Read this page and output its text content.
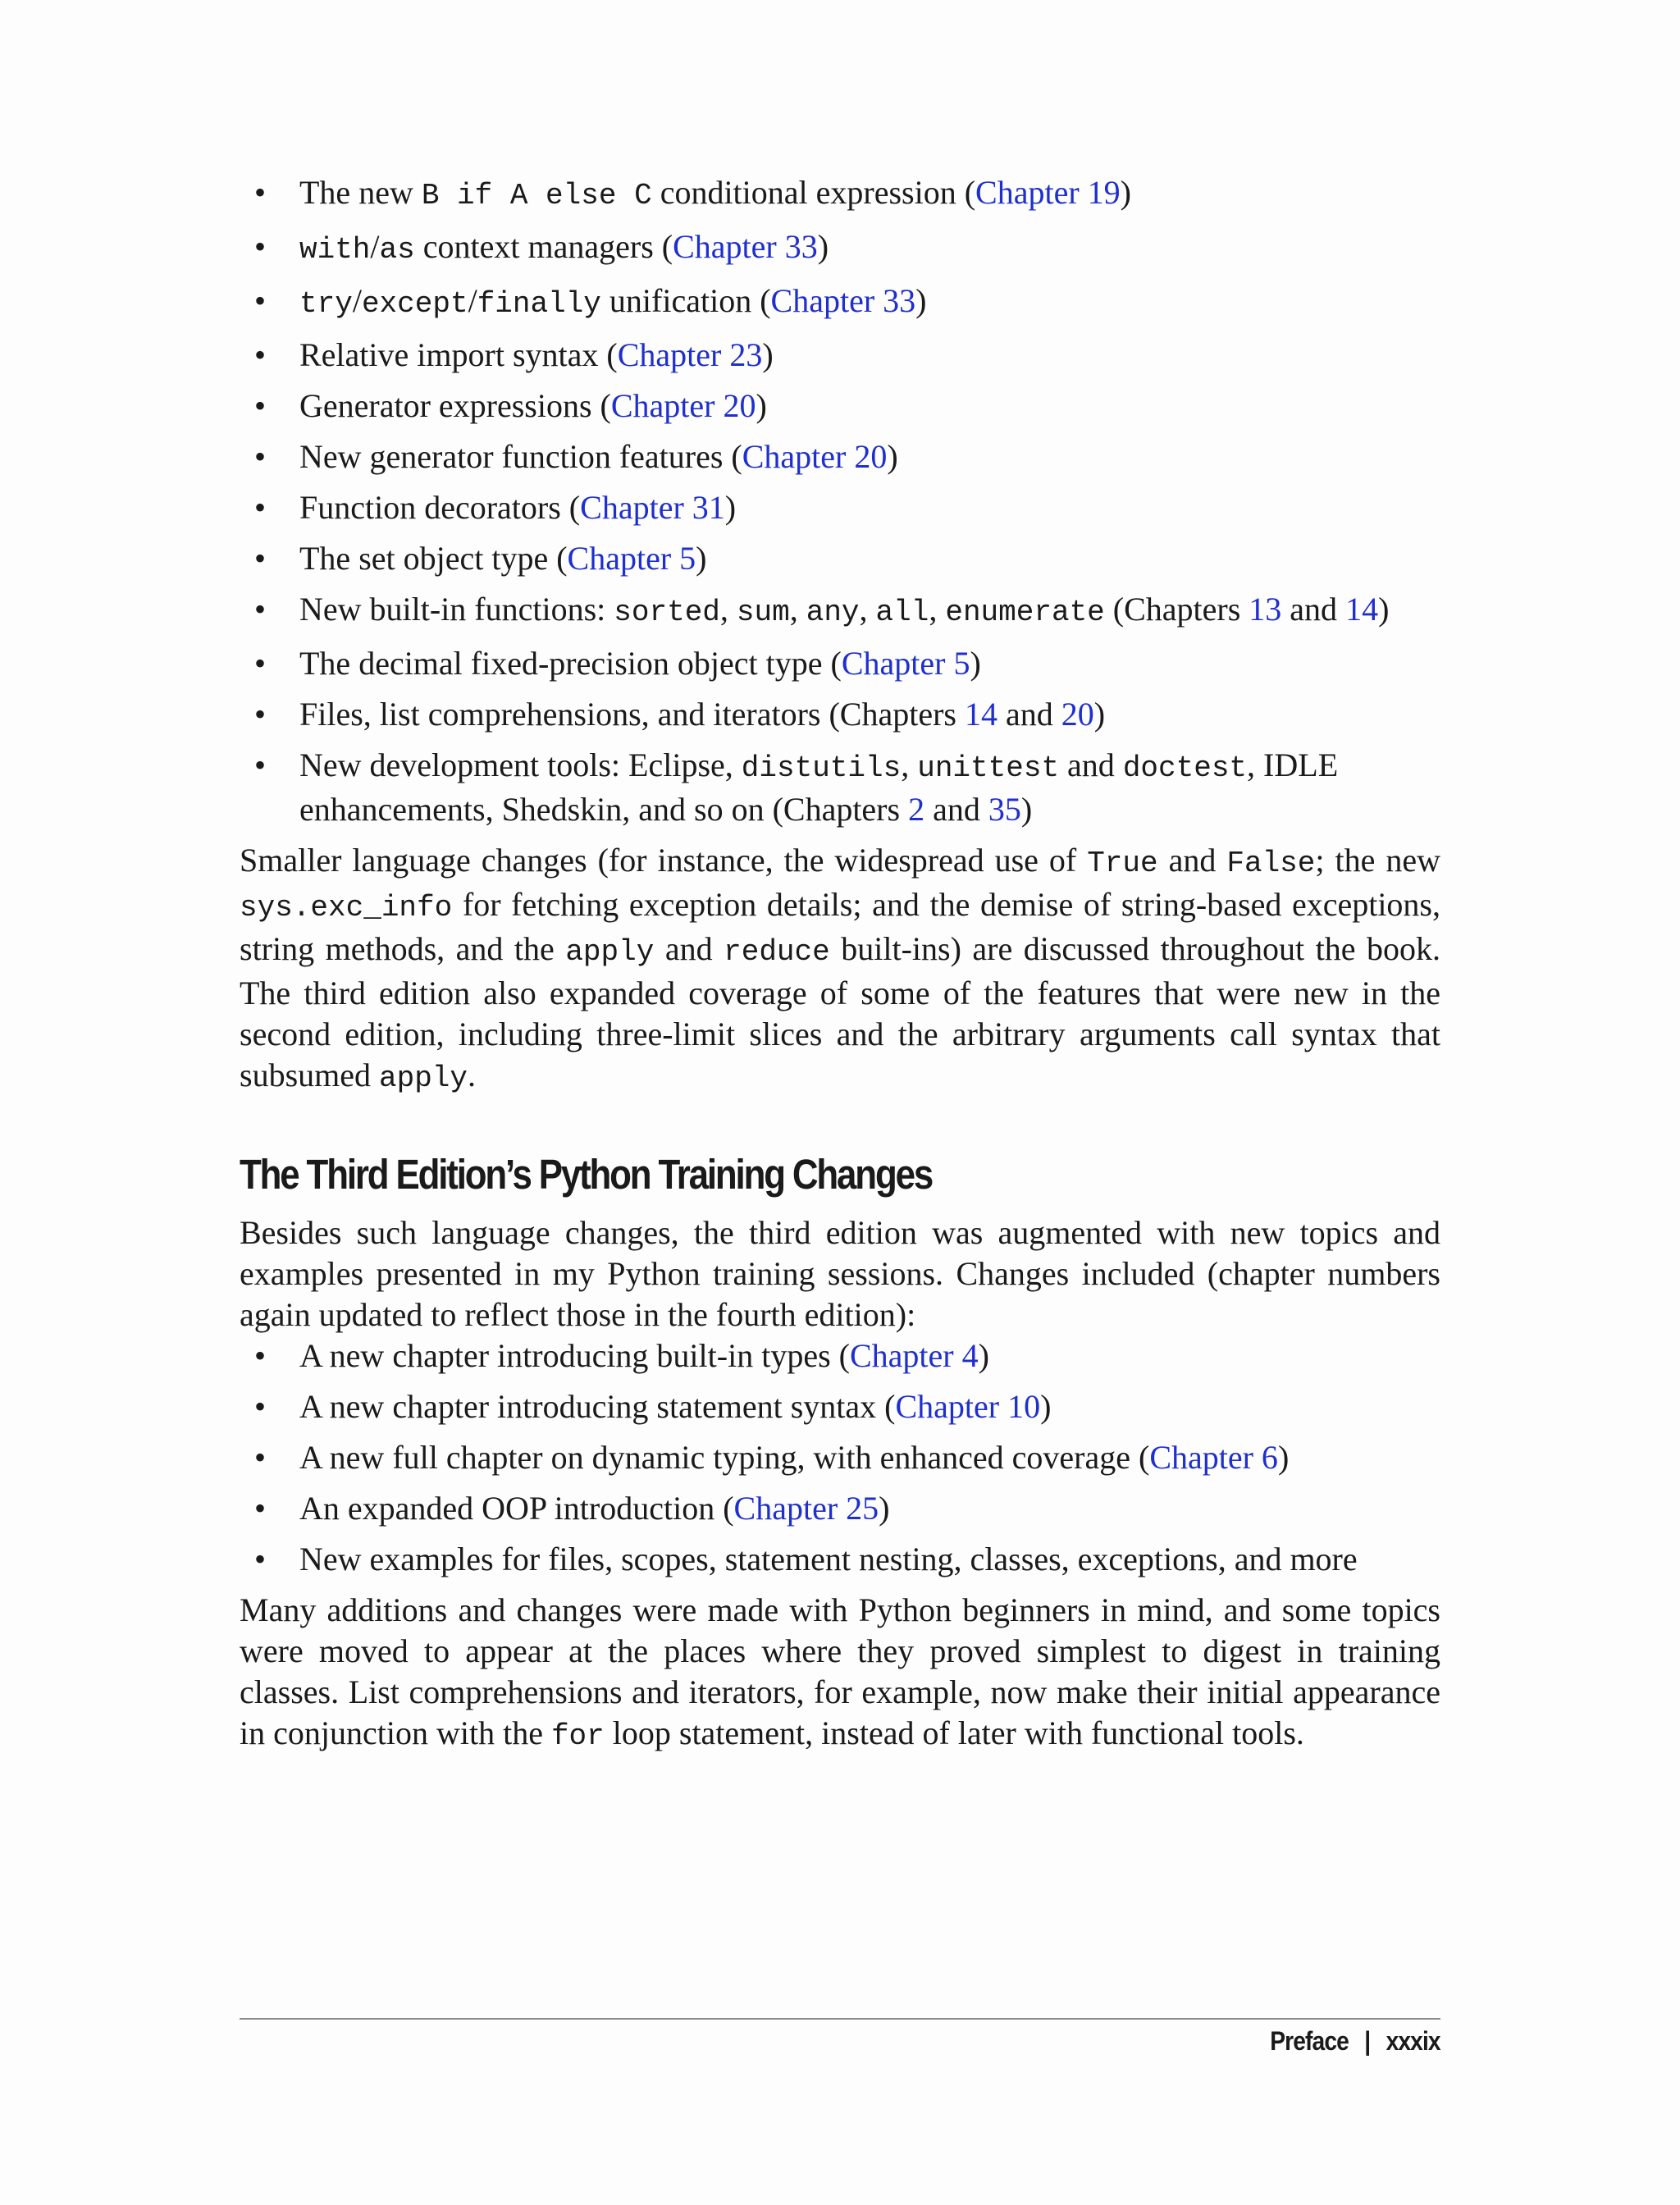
• The new B if A else C conditional expression (Chapter 19)
• with/as context managers (Chapter 33)
• try/except/finally unification (Chapter 33)
• Relative import syntax (Chapter 23)
• Generator expressions (Chapter 20)
• New generator function features (Chapter 20)
• Function decorators (Chapter 31)
• The set object type (Chapter 5)
• New built-in functions: sorted, sum, any, all, enumerate (Chapters 13 and 14)
• The decimal fixed-precision object type (Chapter 5)
• Files, list comprehensions, and iterators (Chapters 14 and 20)
• New development tools: Eclipse, distutils, unittest and doctest, IDLE enhancements, Shedskin, and so on (Chapters 2 and 35)

Smaller language changes (for instance, the widespread use of True and False; the new sys.exc_info for fetching exception details; and the demise of string-based exceptions, string methods, and the apply and reduce built-ins) are discussed throughout the book. The third edition also expanded coverage of some of the features that were new in the second edition, including three-limit slices and the arbitrary arguments call syntax that subsumed apply.

The Third Edition’s Python Training Changes

Besides such language changes, the third edition was augmented with new topics and examples presented in my Python training sessions. Changes included (chapter numbers again updated to reflect those in the fourth edition):

• A new chapter introducing built-in types (Chapter 4)
• A new chapter introducing statement syntax (Chapter 10)
• A new full chapter on dynamic typing, with enhanced coverage (Chapter 6)
• An expanded OOP introduction (Chapter 25)
• New examples for files, scopes, statement nesting, classes, exceptions, and more

Many additions and changes were made with Python beginners in mind, and some topics were moved to appear at the places where they proved simplest to digest in training classes. List comprehensions and iterators, for example, now make their initial appearance in conjunction with the for loop statement, instead of later with functional tools.

Preface | xxxix
